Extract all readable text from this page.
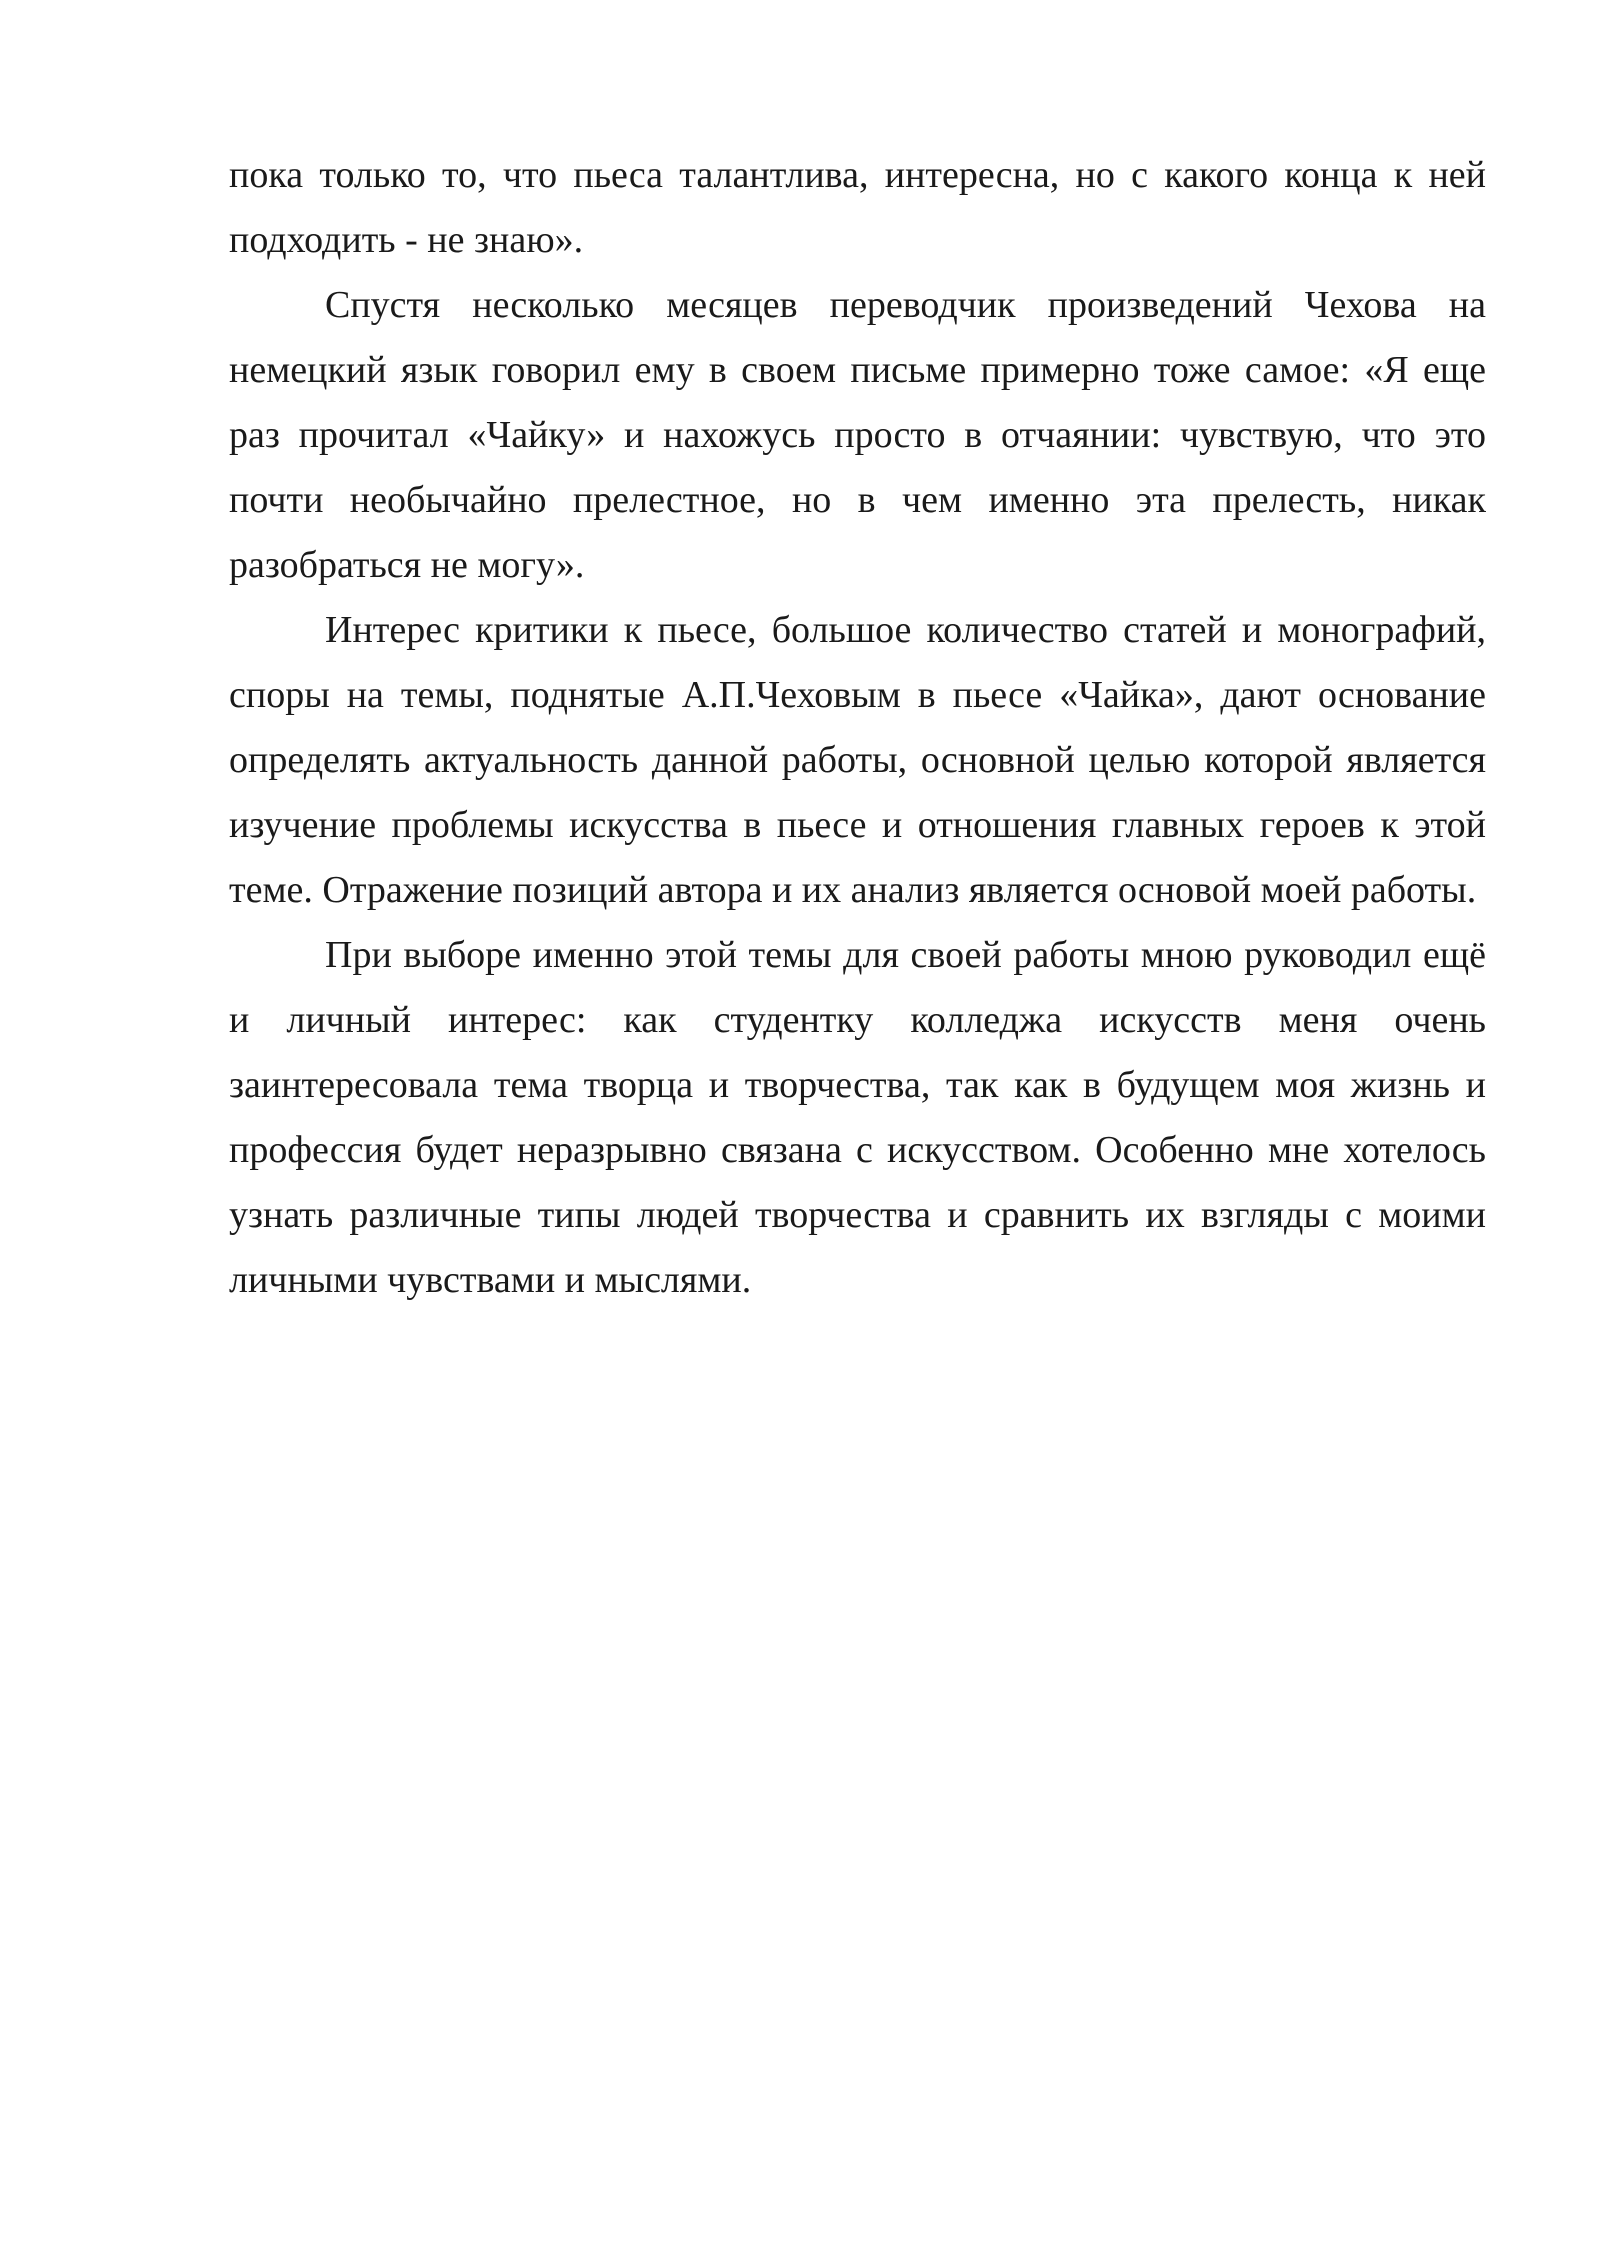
пока только то, что пьеса талантлива, интересна, но с какого конца к ней подходить - не знаю».

Спустя несколько месяцев переводчик произведений Чехова на немецкий язык говорил ему в своем письме примерно тоже самое: «Я еще раз прочитал «Чайку» и нахожусь просто в отчаянии: чувствую, что это почти необычайно прелестное, но в чем именно эта прелесть, никак разобраться не могу».

Интерес критики к пьесе, большое количество статей и монографий, споры на темы, поднятые А.П.Чеховым в пьесе «Чайка», дают основание определять актуальность данной работы, основной целью которой является изучение проблемы искусства в пьесе и отношения главных героев к этой теме. Отражение позиций автора и их анализ является основой моей работы.

При выборе именно этой темы для своей работы мною руководил ещё и личный интерес: как студентку колледжа искусств меня очень заинтересовала тема творца и творчества, так как в будущем моя жизнь и профессия будет неразрывно связана с искусством. Особенно мне хотелось узнать различные типы людей творчества и сравнить их взгляды с моими личными чувствами и мыслями.
